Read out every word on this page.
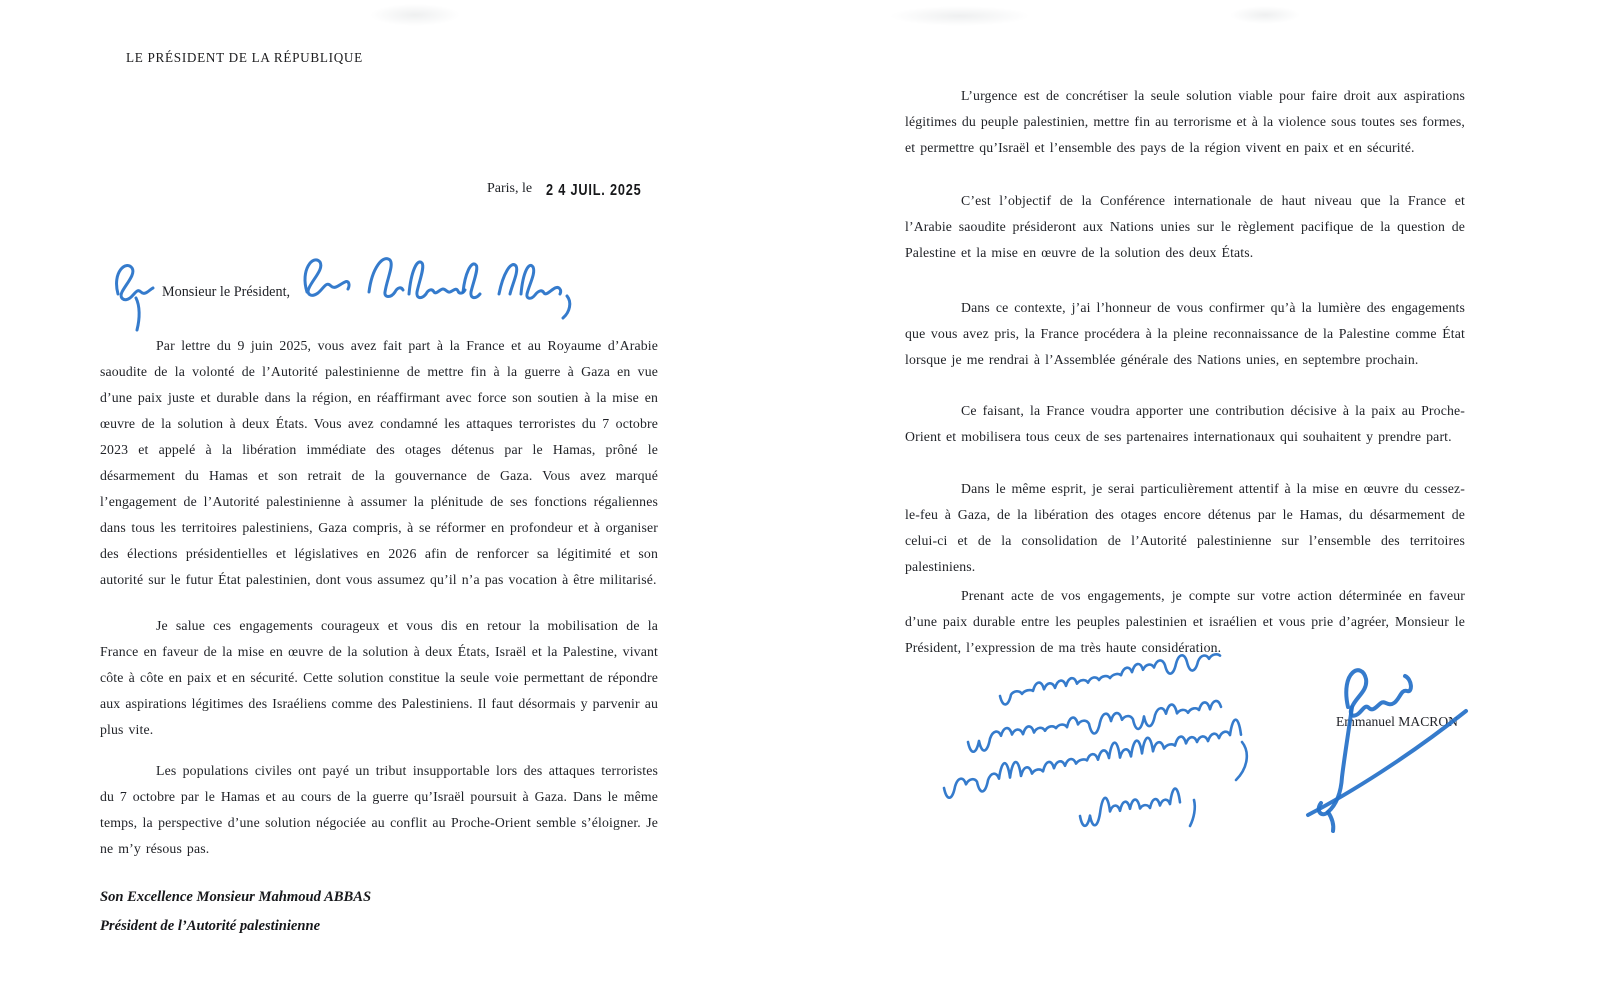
LE PRÉSIDENT DE LA RÉPUBLIQUE
Paris, le 2 4 JUIL. 2025
Monsieur le Président,

Par lettre du 9 juin 2025, vous avez fait part à la France et au Royaume d’Arabie saoudite de la volonté de l’Autorité palestinienne de mettre fin à la guerre à Gaza en vue d’une paix juste et durable dans la région, en réaffirmant avec force son soutien à la mise en œuvre de la solution à deux États. Vous avez condamné les attaques terroristes du 7 octobre 2023 et appelé à la libération immédiate des otages détenus par le Hamas, prôné le désarmement du Hamas et son retrait de la gouvernance de Gaza. Vous avez marqué l’engagement de l’Autorité palestinienne à assumer la plénitude de ses fonctions régaliennes dans tous les territoires palestiniens, Gaza compris, à se réformer en profondeur et à organiser des élections présidentielles et législatives en 2026 afin de renforcer sa légitimité et son autorité sur le futur État palestinien, dont vous assumez qu’il n’a pas vocation à être militarisé.

Je salue ces engagements courageux et vous dis en retour la mobilisation de la France en faveur de la mise en œuvre de la solution à deux États, Israël et la Palestine, vivant côte à côte en paix et en sécurité. Cette solution constitue la seule voie permettant de répondre aux aspirations légitimes des Israéliens comme des Palestiniens. Il faut désormais y parvenir au plus vite.

Les populations civiles ont payé un tribut insupportable lors des attaques terroristes du 7 octobre par le Hamas et au cours de la guerre qu’Israël poursuit à Gaza. Dans le même temps, la perspective d’une solution négociée au conflit au Proche-Orient semble s’éloigner. Je ne m’y résous pas.

Son Excellence Monsieur Mahmoud ABBAS
Président de l’Autorité palestinienne

L’urgence est de concrétiser la seule solution viable pour faire droit aux aspirations légitimes du peuple palestinien, mettre fin au terrorisme et à la violence sous toutes ses formes, et permettre qu’Israël et l’ensemble des pays de la région vivent en paix et en sécurité.

C’est l’objectif de la Conférence internationale de haut niveau que la France et l’Arabie saoudite présideront aux Nations unies sur le règlement pacifique de la question de Palestine et la mise en œuvre de la solution des deux États.

Dans ce contexte, j’ai l’honneur de vous confirmer qu’à la lumière des engagements que vous avez pris, la France procédera à la pleine reconnaissance de la Palestine comme État lorsque je me rendrai à l’Assemblée générale des Nations unies, en septembre prochain.

Ce faisant, la France voudra apporter une contribution décisive à la paix au Proche-Orient et mobilisera tous ceux de ses partenaires internationaux qui souhaitent y prendre part.

Dans le même esprit, je serai particulièrement attentif à la mise en œuvre du cessez-le-feu à Gaza, de la libération des otages encore détenus par le Hamas, du désarmement de celui-ci et de la consolidation de l’Autorité palestinienne sur l’ensemble des territoires palestiniens.

Prenant acte de vos engagements, je compte sur votre action déterminée en faveur d’une paix durable entre les peuples palestinien et israélien et vous prie d’agréer, Monsieur le Président, l’expression de ma très haute considération.

Emmanuel MACRON
